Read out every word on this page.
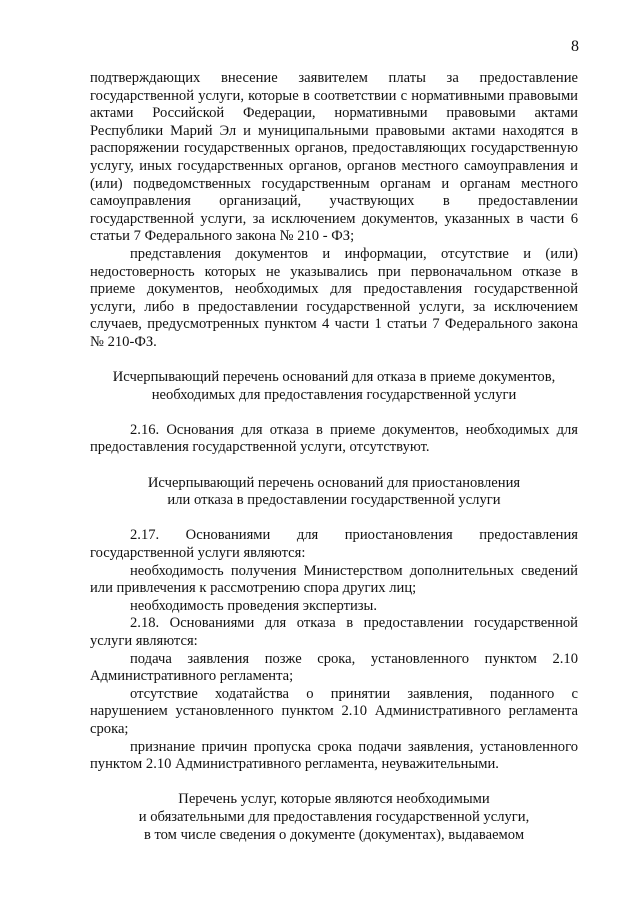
8

подтверждающих внесение заявителем платы за предоставление государственной услуги, которые в соответствии с нормативными правовыми актами Российской Федерации, нормативными правовыми актами Республики Марий Эл и муниципальными правовыми актами находятся в распоряжении государственных органов, предоставляющих государственную услугу, иных государственных органов, органов местного самоуправления и (или) подведомственных государственным органам и органам местного самоуправления организаций, участвующих в предоставлении государственной услуги, за исключением документов, указанных в части 6 статьи 7 Федерального закона № 210 - ФЗ;

представления документов и информации, отсутствие и (или) недостоверность которых не указывались при первоначальном отказе в приеме документов, необходимых для предоставления государственной услуги, либо в предоставлении государственной услуги, за исключением случаев, предусмотренных пунктом 4 части 1 статьи 7 Федерального закона № 210-ФЗ.

Исчерпывающий перечень оснований для отказа в приеме документов,

необходимых для предоставления государственной услуги

2.16. Основания для отказа в приеме документов, необходимых для предоставления государственной услуги, отсутствуют.

Исчерпывающий перечень оснований для приостановления

или отказа в предоставлении государственной услуги

2.17. Основаниями для приостановления предоставления государственной услуги являются:

необходимость получения Министерством дополнительных сведений или привлечения к рассмотрению спора других лиц;

необходимость проведения экспертизы.

2.18. Основаниями для отказа в предоставлении государственной услуги являются:

подача заявления позже срока, установленного пунктом 2.10 Административного регламента;

отсутствие ходатайства о принятии заявления, поданного с нарушением установленного пунктом 2.10 Административного регламента срока;

признание причин пропуска срока подачи заявления, установленного пунктом 2.10 Административного регламента, неуважительными.

Перечень услуг, которые являются необходимыми

и обязательными для предоставления государственной услуги,

в том числе сведения о документе (документах), выдаваемом
